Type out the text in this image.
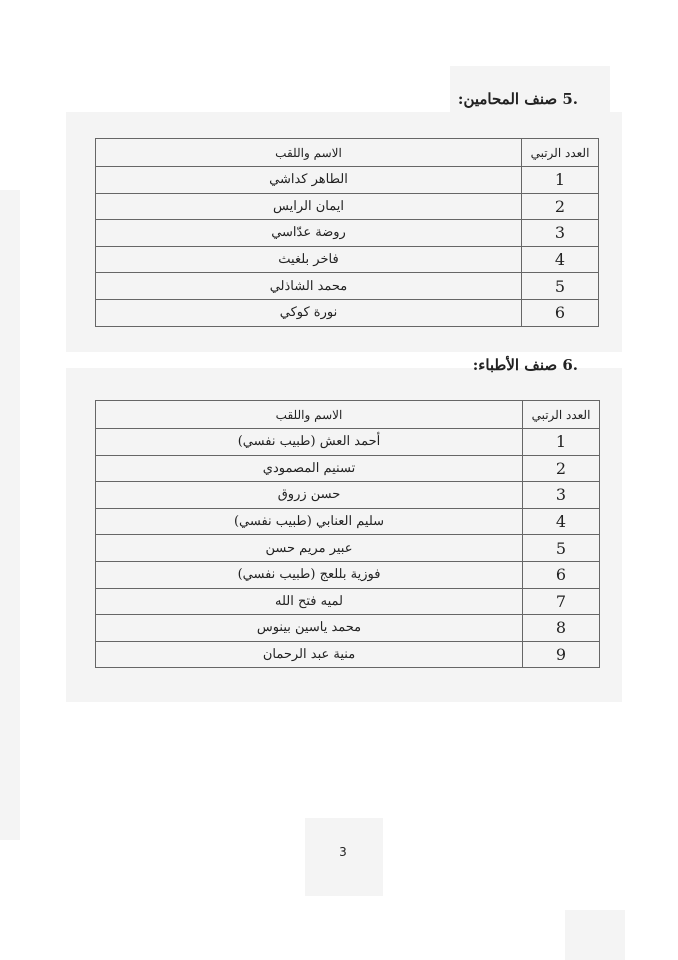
.5 صنف المحامين:
العدد الرتبي	الاسم واللقب
1	الطاهر كداشي
2	ايمان الرايس
3	روضة عدّاسي
4	فاخر بلغيث
5	محمد الشاذلي
6	نورة كوكي
.6 صنف الأطباء:
العدد الرتبي	الاسم واللقب
1	أحمد العش (طبيب نفسي)
2	تسنيم المصمودي
3	حسن زروق
4	سليم العنابي (طبيب نفسي)
5	عبير مريم حسن
6	فوزية بللعج (طبيب نفسي)
7	لميه فتح الله
8	محمد ياسين بينوس
9	منية عبد الرحمان
3
